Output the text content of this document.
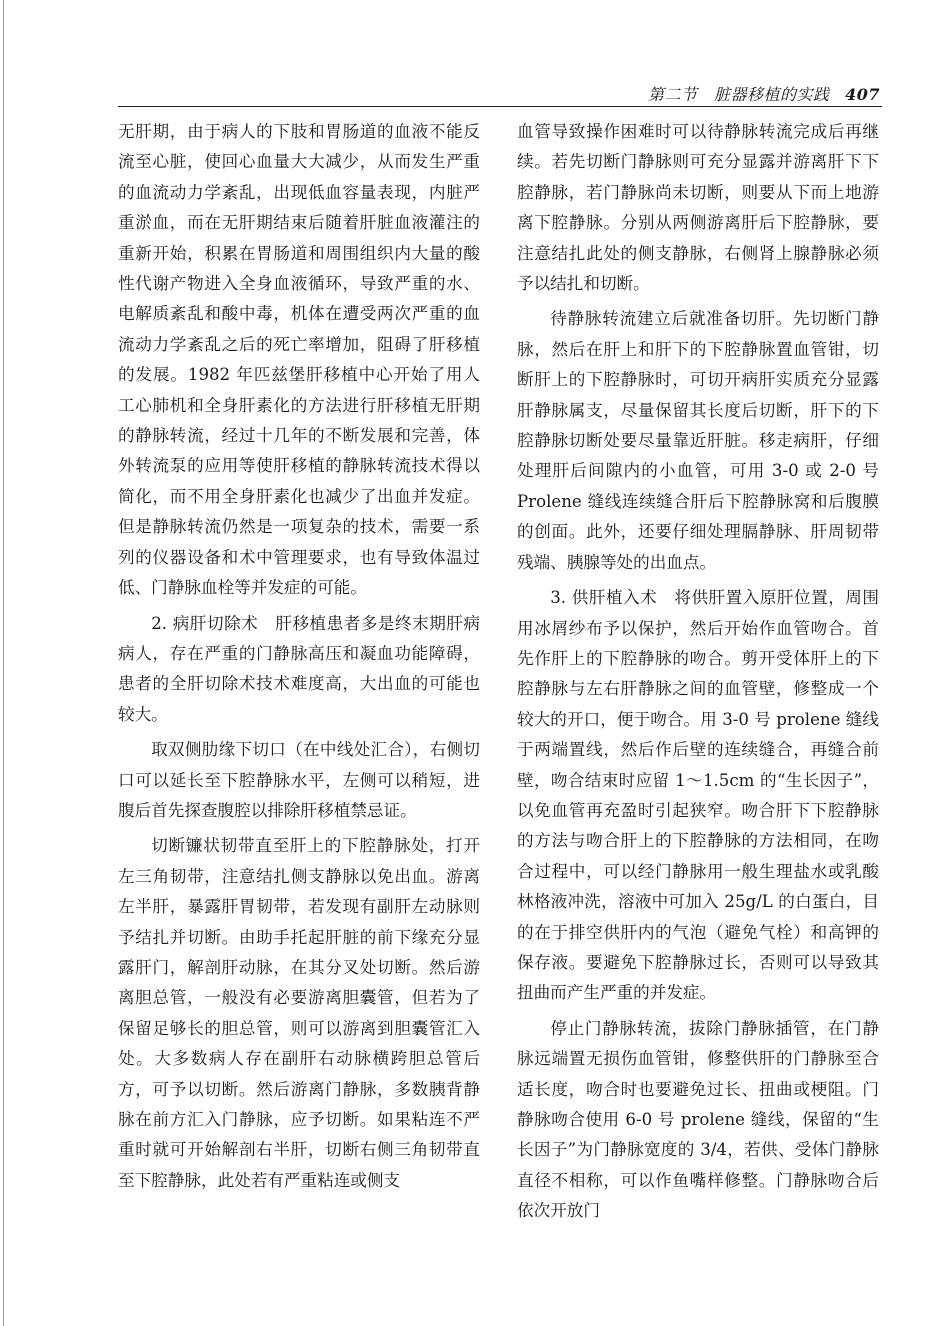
第二节　脏器移植的实践 407

无肝期，由于病人的下肢和胃肠道的血液不能反流至心脏，使回心血量大大减少，从而发生严重的血流动力学紊乱，出现低血容量表现，内脏严重淤血，而在无肝期结束后随着肝脏血液灌注的重新开始，积累在胃肠道和周围组织内大量的酸性代谢产物进入全身血液循环，导致严重的水、电解质紊乱和酸中毒，机体在遭受两次严重的血流动力学紊乱之后的死亡率增加，阻碍了肝移植的发展。1982 年匹兹堡肝移植中心开始了用人工心肺机和全身肝素化的方法进行肝移植无肝期的静脉转流，经过十几年的不断发展和完善，体外转流泵的应用等使肝移植的静脉转流技术得以简化，而不用全身肝素化也减少了出血并发症。但是静脉转流仍然是一项复杂的技术，需要一系列的仪器设备和术中管理要求，也有导致体温过低、门静脉血栓等并发症的可能。

2. 病肝切除术　肝移植患者多是终末期肝病病人，存在严重的门静脉高压和凝血功能障碍，患者的全肝切除术技术难度高，大出血的可能也较大。

取双侧肋缘下切口（在中线处汇合），右侧切口可以延长至下腔静脉水平，左侧可以稍短，进腹后首先探查腹腔以排除肝移植禁忌证。

切断镰状韧带直至肝上的下腔静脉处，打开左三角韧带，注意结扎侧支静脉以免出血。游离左半肝，暴露肝胃韧带，若发现有副肝左动脉则予结扎并切断。由助手托起肝脏的前下缘充分显露肝门，解剖肝动脉，在其分叉处切断。然后游离胆总管，一般没有必要游离胆囊管，但若为了保留足够长的胆总管，则可以游离到胆囊管汇入处。大多数病人存在副肝右动脉横跨胆总管后方，可予以切断。然后游离门静脉，多数胰背静脉在前方汇入门静脉，应予切断。如果粘连不严重时就可开始解剖右半肝，切断右侧三角韧带直至下腔静脉，此处若有严重粘连或侧支

血管导致操作困难时可以待静脉转流完成后再继续。若先切断门静脉则可充分显露并游离肝下下腔静脉，若门静脉尚未切断，则要从下而上地游离下腔静脉。分别从两侧游离肝后下腔静脉，要注意结扎此处的侧支静脉，右侧肾上腺静脉必须予以结扎和切断。

待静脉转流建立后就准备切肝。先切断门静脉，然后在肝上和肝下的下腔静脉置血管钳，切断肝上的下腔静脉时，可切开病肝实质充分显露肝静脉属支，尽量保留其长度后切断，肝下的下腔静脉切断处要尽量靠近肝脏。移走病肝，仔细处理肝后间隙内的小血管，可用 3-0 或 2-0 号 Prolene 缝线连续缝合肝后下腔静脉窝和后腹膜的创面。此外，还要仔细处理膈静脉、肝周韧带残端、胰腺等处的出血点。

3. 供肝植入术　将供肝置入原肝位置，周围用冰屑纱布予以保护，然后开始作血管吻合。首先作肝上的下腔静脉的吻合。剪开受体肝上的下腔静脉与左右肝静脉之间的血管壁，修整成一个较大的开口，便于吻合。用 3-0 号 prolene 缝线于两端置线，然后作后壁的连续缝合，再缝合前壁，吻合结束时应留 1～1.5cm 的“生长因子”，以免血管再充盈时引起狭窄。吻合肝下下腔静脉的方法与吻合肝上的下腔静脉的方法相同，在吻合过程中，可以经门静脉用一般生理盐水或乳酸林格液冲洗，溶液中可加入 25g/L 的白蛋白，目的在于排空供肝内的气泡（避免气栓）和高钾的保存液。要避免下腔静脉过长，否则可以导致其扭曲而产生严重的并发症。

停止门静脉转流，拔除门静脉插管，在门静脉远端置无损伤血管钳，修整供肝的门静脉至合适长度，吻合时也要避免过长、扭曲或梗阻。门静脉吻合使用 6-0 号 prolene 缝线，保留的“生长因子”为门静脉宽度的 3/4，若供、受体门静脉直径不相称，可以作鱼嘴样修整。门静脉吻合后依次开放门
